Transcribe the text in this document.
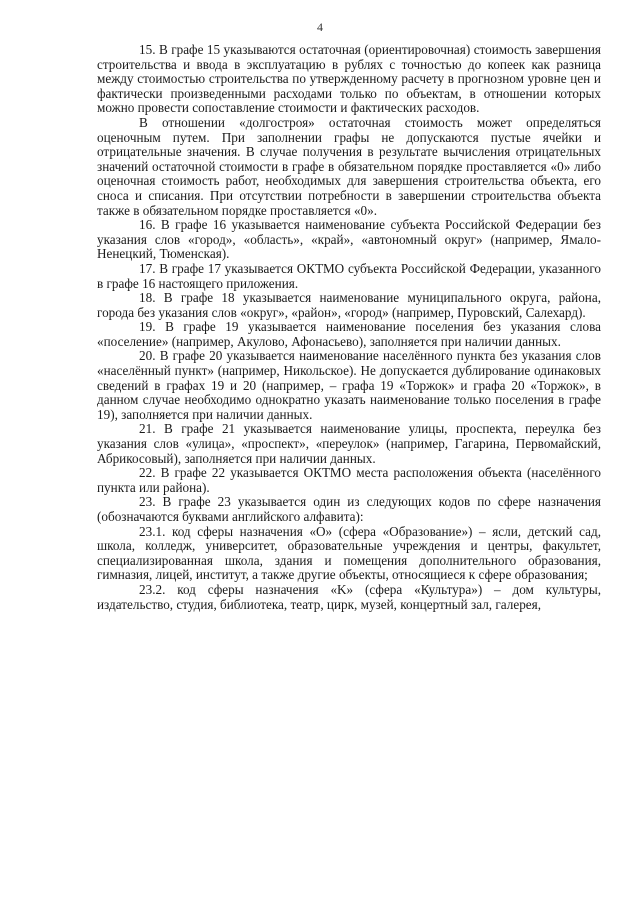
4

15. В графе 15 указываются остаточная (ориентировочная) стоимость завершения строительства и ввода в эксплуатацию в рублях с точностью до копеек как разница между стоимостью строительства по утвержденному расчету в прогнозном уровне цен и фактически произведенными расходами только по объектам, в отношении которых можно провести сопоставление стоимости и фактических расходов.

В отношении «долгостроя» остаточная стоимость может определяться оценочным путем. При заполнении графы не допускаются пустые ячейки и отрицательные значения. В случае получения в результате вычисления отрицательных значений остаточной стоимости в графе в обязательном порядке проставляется «0» либо оценочная стоимость работ, необходимых для завершения строительства объекта, его сноса и списания. При отсутствии потребности в завершении строительства объекта также в обязательном порядке проставляется «0».

16. В графе 16 указывается наименование субъекта Российской Федерации без указания слов «город», «область», «край», «автономный округ» (например, Ямало-Ненецкий, Тюменская).

17. В графе 17 указывается ОКТМО субъекта Российской Федерации, указанного в графе 16 настоящего приложения.

18. В графе 18 указывается наименование муниципального округа, района, города без указания слов «округ», «район», «город» (например, Пуровский, Салехард).

19. В графе 19 указывается наименование поселения без указания слова «поселение» (например, Акулово, Афонасьево), заполняется при наличии данных.

20. В графе 20 указывается наименование населённого пункта без указания слов «населённый пункт» (например, Никольское). Не допускается дублирование одинаковых сведений в графах 19 и 20 (например, – графа 19 «Торжок» и графа 20 «Торжок», в данном случае необходимо однократно указать наименование только поселения в графе 19), заполняется при наличии данных.

21. В графе 21 указывается наименование улицы, проспекта, переулка без указания слов «улица», «проспект», «переулок» (например, Гагарина, Первомайский, Абрикосовый), заполняется при наличии данных.

22. В графе 22 указывается ОКТМО места расположения объекта (населённого пункта или района).

23. В графе 23 указывается один из следующих кодов по сфере назначения (обозначаются буквами английского алфавита):

23.1. код сферы назначения «О» (сфера «Образование») – ясли, детский сад, школа, колледж, университет, образовательные учреждения и центры, факультет, специализированная школа, здания и помещения дополнительного образования, гимназия, лицей, институт, а также другие объекты, относящиеся к сфере образования;

23.2. код сферы назначения «K» (сфера «Культура») – дом культуры, издательство, студия, библиотека, театр, цирк, музей, концертный зал, галерея,
